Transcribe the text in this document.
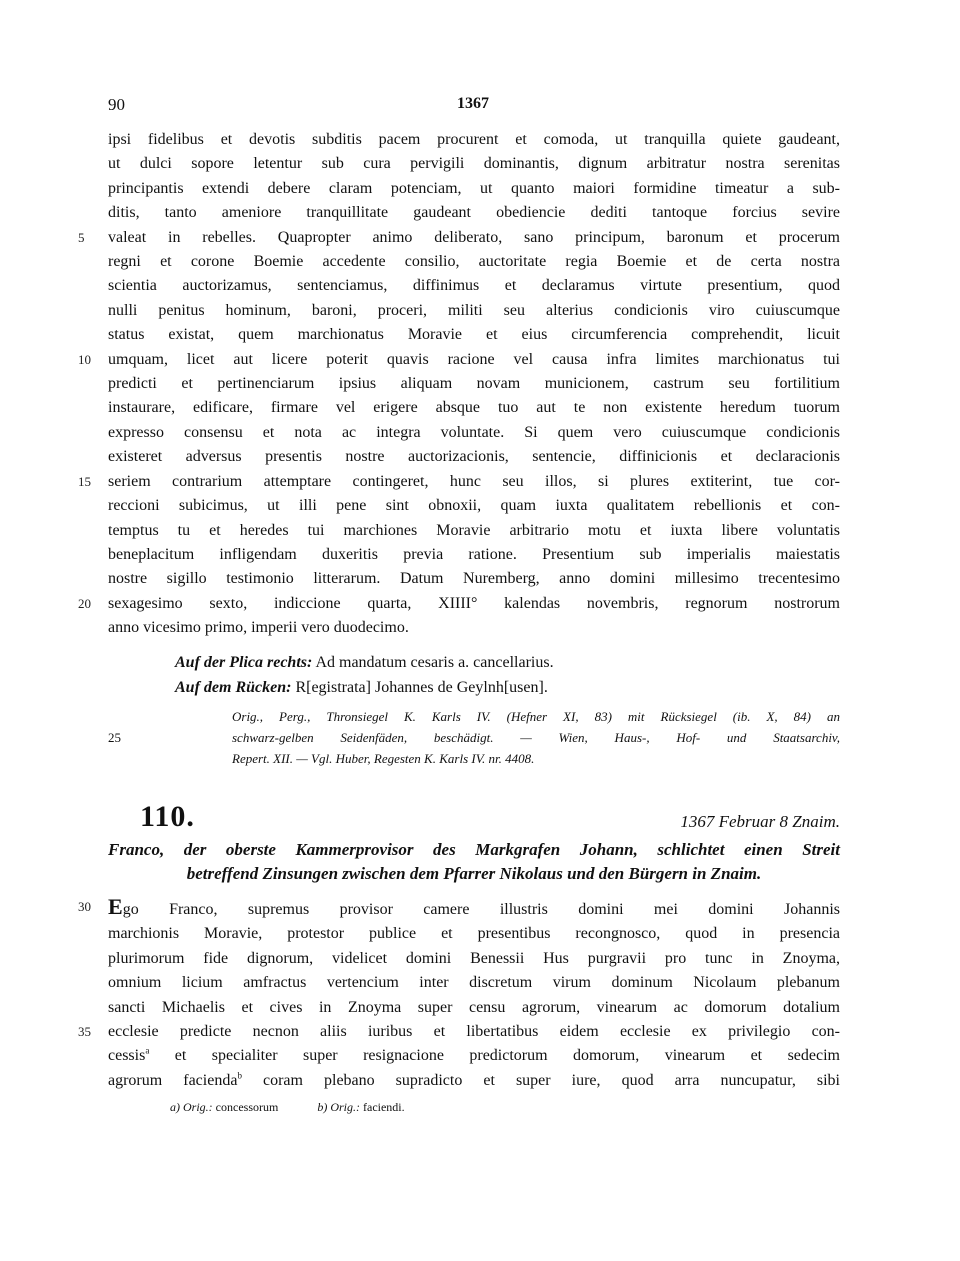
90	1367
ipsi fidelibus et devotis subditis pacem procurent et comoda, ut tranquilla quiete gaudeant,
ut dulci sopore letentur sub cura pervigili dominantis, dignum arbitratur nostra serenitas
principantis extendi debere claram potenciam, ut quanto maiori formidine timeatur a sub-
ditis, tanto ameniore tranquillitate gaudeant obediencie dediti tantoque forcius sevire
5	valeat in rebelles. Quapropter animo deliberato, sano principum, baronum et procerum
regni et corone Boemie accedente consilio, auctoritate regia Boemie et de certa nostra
scientia auctorizamus, sentenciamus, diffinimus et declaramus virtute presentium, quod
nulli penitus hominum, baroni, proceri, militi seu alterius condicionis viro cuiuscumque
status existat, quem marchionatus Moravie et eius circumferencia comprehendit, licuit
10	umquam, licet aut licere poterit quavis racione vel causa infra limites marchionatus tui
predicti et pertinenciarum ipsius aliquam novam municionem, castrum seu fortilitium
instaurare, edificare, firmare vel erigere absque tuo aut te non existente heredum tuorum
expresso consensu et nota ac integra voluntate. Si quem vero cuiuscumque condicionis
existeret adversus presentis nostre auctorizacionis, sentencie, diffinicionis et declaracionis
15	seriem contrarium attemptare contingeret, hunc seu illos, si plures extiterint, tue cor-
reccioni subicimus, ut illi pene sint obnoxii, quam iuxta qualitatem rebellionis et con-
temptus tu et heredes tui marchiones Moravie arbitrario motu et iuxta libere voluntatis
beneplacitum infligendam duxeritis previa ratione. Presentium sub imperialis maiestatis
nostre sigillo testimonio litterarum. Datum Nuremberg, anno domini millesimo trecentesimo
20	sexagesimo sexto, indiccione quarta, XIIII° kalendas novembris, regnorum nostrorum
anno vicesimo primo, imperii vero duodecimo.
Auf der Plica rechts: Ad mandatum cesaris a. cancellarius.
Auf dem Rücken: R[egistrata] Johannes de Geylnh[usen].
25
Orig., Perg., Thronsiegel K. Karls IV. (Hefner XI, 83) mit Rücksiegel (ib. X, 84) an
schwarz-gelben Seidenfäden, beschädigt. — Wien, Haus-, Hof- und Staatsarchiv,
Repert. XII. — Vgl. Huber, Regesten K. Karls IV. nr. 4408.
110.	1367 Februar 8 Znaim.
Franco, der oberste Kammerprovisor des Markgrafen Johann, schlichtet einen Streit
betreffend Zinsungen zwischen dem Pfarrer Nikolaus und den Bürgern in Znaim.
30 Ego Franco, supremus provisor camere illustris domini mei domini Johannis
marchionis Moravie, protestor publice et presentibus recongnosco, quod in presencia
plurimorum fide dignorum, videlicet domini Benessii Hus purgravii pro tunc in Znoyma,
omnium licium amfractus vertencium inter discretum virum dominum Nicolaum plebanum
sancti Michaelis et cives in Znoyma super censu agrorum, vinearum ac domorum dotalium
35	ecclesie predicte necnon aliis iuribus et libertatibus eidem ecclesie ex privilegio con-
cessis$^a$ et specialiter super resignacione predictorum domorum, vinearum et sedecim
agrorum facienda$^b$ coram plebano supradicto et super iure, quod arra nuncupatur, sibi
a) Orig.: concessorum	b) Orig.: faciendi.
